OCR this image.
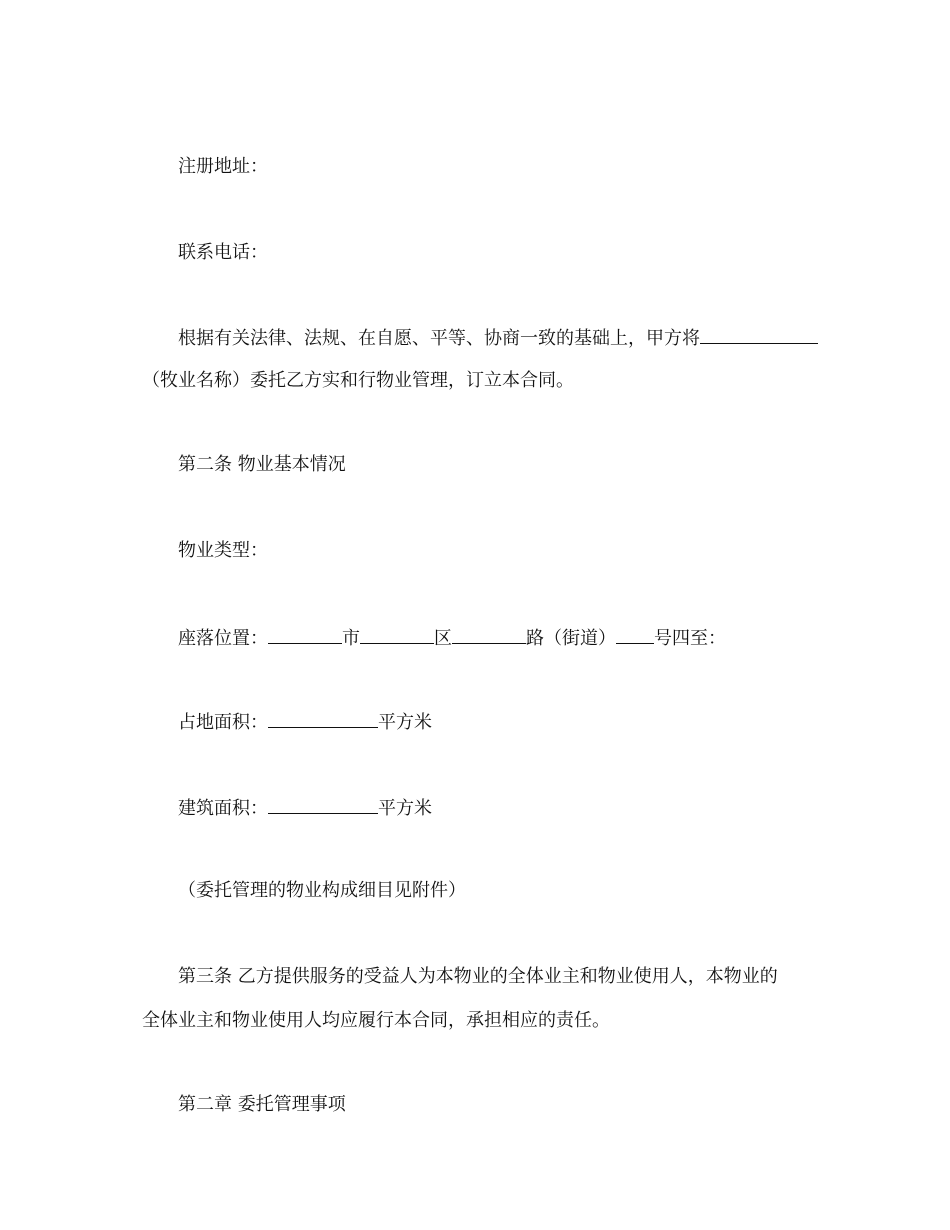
注册地址：
联系电话：
根据有关法律、法规、在自愿、平等、协商一致的基础上，甲方将
（牧业名称）委托乙方实和行物业管理，订立本合同。
第二条 物业基本情况
物业类型：
座落位置：	市	区	路（街道） 号四至：
占地面积：	平方米
建筑面积：	平方米
（委托管理的物业构成细目见附件）
第三条 乙方提供服务的受益人为本物业的全体业主和物业使用人，本物业的
全体业主和物业使用人均应履行本合同，承担相应的责任。
第二章 委托管理事项
